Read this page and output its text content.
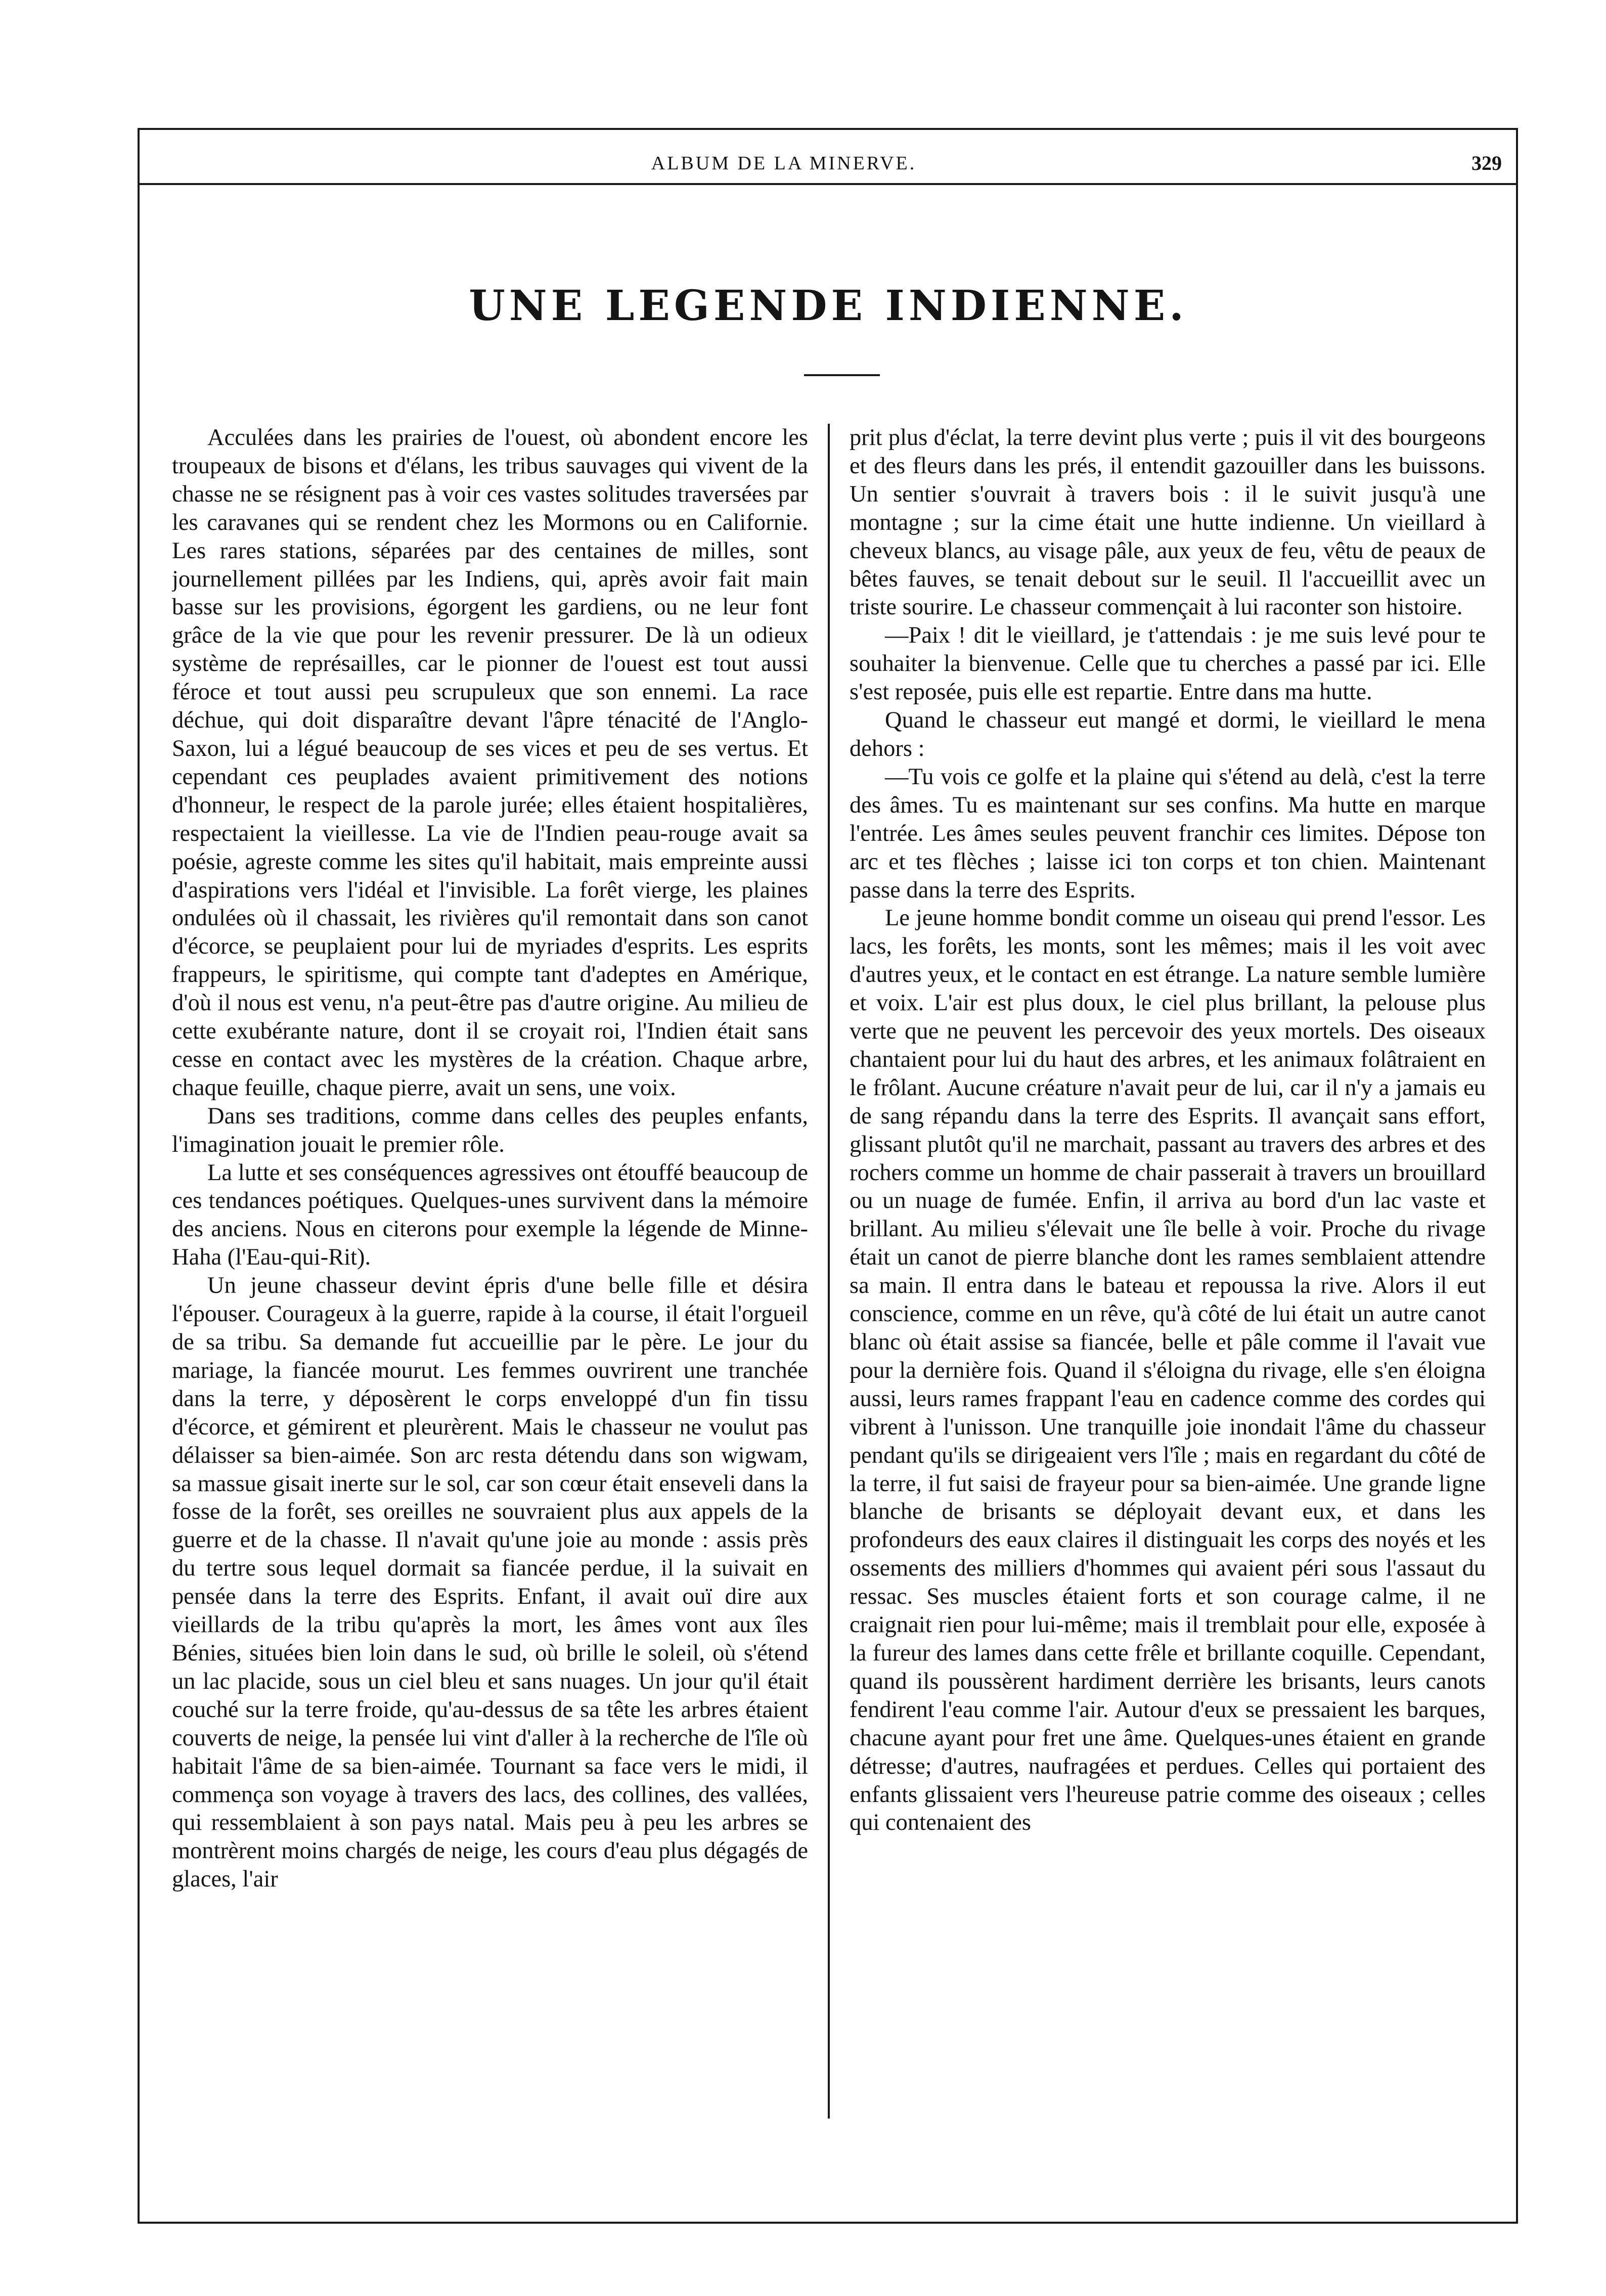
ALBUM DE LA MINERVE.	329
UNE LEGENDE INDIENNE.

Acculées dans les prairies de l'ouest, où abondent encore les troupeaux de bisons et d'élans, les tribus sauvages qui vivent de la chasse ne se résignent pas à voir ces vastes solitudes traversées par les caravanes qui se rendent chez les Mormons ou en Californie. Les rares stations, séparées par des centaines de milles, sont journellement pillées par les Indiens, qui, après avoir fait main basse sur les provisions, égorgent les gardiens, ou ne leur font grâce de la vie que pour les revenir pressurer. De là un odieux système de représailles, car le pionner de l'ouest est tout aussi féroce et tout aussi peu scrupuleux que son ennemi. La race déchue, qui doit disparaître devant l'âpre ténacité de l'Anglo-Saxon, lui a légué beaucoup de ses vices et peu de ses vertus. Et cependant ces peuplades avaient primitivement des notions d'honneur, le respect de la parole jurée; elles étaient hospitalières, respectaient la vieillesse. La vie de l'Indien peau-rouge avait sa poésie, agreste comme les sites qu'il habitait, mais empreinte aussi d'aspirations vers l'idéal et l'invisible. La forêt vierge, les plaines ondulées où il chassait, les rivières qu'il remontait dans son canot d'écorce, se peuplaient pour lui de myriades d'esprits. Les esprits frappeurs, le spiritisme, qui compte tant d'adeptes en Amérique, d'où il nous est venu, n'a peut-être pas d'autre origine. Au milieu de cette exubérante nature, dont il se croyait roi, l'Indien était sans cesse en contact avec les mystères de la création. Chaque arbre, chaque feuille, chaque pierre, avait un sens, une voix.

Dans ses traditions, comme dans celles des peuples enfants, l'imagination jouait le premier rôle.

La lutte et ses conséquences agressives ont étouffé beaucoup de ces tendances poétiques. Quelques-unes survivent dans la mémoire des anciens. Nous en citerons pour exemple la légende de Minne-Haha (l'Eau-qui-Rit).

Un jeune chasseur devint épris d'une belle fille et désira l'épouser. Courageux à la guerre, rapide à la course, il était l'orgueil de sa tribu. Sa demande fut accueillie par le père. Le jour du mariage, la fiancée mourut. Les femmes ouvrirent une tranchée dans la terre, y déposèrent le corps enveloppé d'un fin tissu d'écorce, et gémirent et pleurèrent. Mais le chasseur ne voulut pas délaisser sa bien-aimée. Son arc resta détendu dans son wigwam, sa massue gisait inerte sur le sol, car son cœur était enseveli dans la fosse de la forêt, ses oreilles ne souvraient plus aux appels de la guerre et de la chasse. Il n'avait qu'une joie au monde : assis près du tertre sous lequel dormait sa fiancée perdue, il la suivait en pensée dans la terre des Esprits. Enfant, il avait ouï dire aux vieillards de la tribu qu'après la mort, les âmes vont aux îles Bénies, situées bien loin dans le sud, où brille le soleil, où s'étend un lac placide, sous un ciel bleu et sans nuages. Un jour qu'il était couché sur la terre froide, qu'au-dessus de sa tête les arbres étaient couverts de neige, la pensée lui vint d'aller à la recherche de l'île où habitait l'âme de sa bien-aimée. Tournant sa face vers le midi, il commença son voyage à travers des lacs, des collines, des vallées, qui ressemblaient à son pays natal. Mais peu à peu les arbres se montrèrent moins chargés de neige, les cours d'eau plus dégagés de glaces, l'air

prit plus d'éclat, la terre devint plus verte ; puis il vit des bourgeons et des fleurs dans les prés, il entendit gazouiller dans les buissons. Un sentier s'ouvrait à travers bois : il le suivit jusqu'à une montagne ; sur la cime était une hutte indienne. Un vieillard à cheveux blancs, au visage pâle, aux yeux de feu, vêtu de peaux de bêtes fauves, se tenait debout sur le seuil. Il l'accueillit avec un triste sourire. Le chasseur commençait à lui raconter son histoire.

—Paix ! dit le vieillard, je t'attendais : je me suis levé pour te souhaiter la bienvenue. Celle que tu cherches a passé par ici. Elle s'est reposée, puis elle est repartie. Entre dans ma hutte.

Quand le chasseur eut mangé et dormi, le vieillard le mena dehors :

—Tu vois ce golfe et la plaine qui s'étend au delà, c'est la terre des âmes. Tu es maintenant sur ses confins. Ma hutte en marque l'entrée. Les âmes seules peuvent franchir ces limites. Dépose ton arc et tes flèches ; laisse ici ton corps et ton chien. Maintenant passe dans la terre des Esprits.

Le jeune homme bondit comme un oiseau qui prend l'essor. Les lacs, les forêts, les monts, sont les mêmes; mais il les voit avec d'autres yeux, et le contact en est étrange. La nature semble lumière et voix. L'air est plus doux, le ciel plus brillant, la pelouse plus verte que ne peuvent les percevoir des yeux mortels. Des oiseaux chantaient pour lui du haut des arbres, et les animaux folâtraient en le frôlant. Aucune créature n'avait peur de lui, car il n'y a jamais eu de sang répandu dans la terre des Esprits. Il avançait sans effort, glissant plutôt qu'il ne marchait, passant au travers des arbres et des rochers comme un homme de chair passerait à travers un brouillard ou un nuage de fumée. Enfin, il arriva au bord d'un lac vaste et brillant. Au milieu s'élevait une île belle à voir. Proche du rivage était un canot de pierre blanche dont les rames semblaient attendre sa main. Il entra dans le bateau et repoussa la rive. Alors il eut conscience, comme en un rêve, qu'à côté de lui était un autre canot blanc où était assise sa fiancée, belle et pâle comme il l'avait vue pour la dernière fois. Quand il s'éloigna du rivage, elle s'en éloigna aussi, leurs rames frappant l'eau en cadence comme des cordes qui vibrent à l'unisson. Une tranquille joie inondait l'âme du chasseur pendant qu'ils se dirigeaient vers l'île ; mais en regardant du côté de la terre, il fut saisi de frayeur pour sa bien-aimée. Une grande ligne blanche de brisants se déployait devant eux, et dans les profondeurs des eaux claires il distinguait les corps des noyés et les ossements des milliers d'hommes qui avaient péri sous l'assaut du ressac. Ses muscles étaient forts et son courage calme, il ne craignait rien pour lui-même; mais il tremblait pour elle, exposée à la fureur des lames dans cette frêle et brillante coquille. Cependant, quand ils poussèrent hardiment derrière les brisants, leurs canots fendirent l'eau comme l'air. Autour d'eux se pressaient les barques, chacune ayant pour fret une âme. Quelques-unes étaient en grande détresse; d'autres, naufragées et perdues. Celles qui portaient des enfants glissaient vers l'heureuse patrie comme des oiseaux ; celles qui contenaient des
